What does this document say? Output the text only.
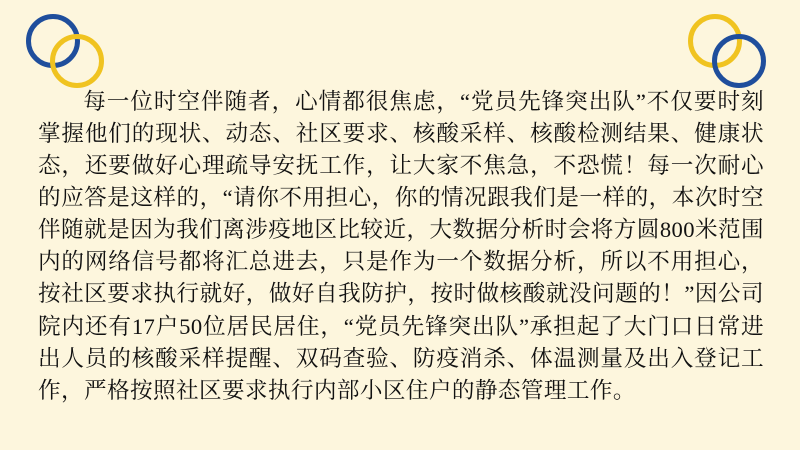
每一位时空伴随者，心情都很焦虑，“党员先锋突出队”不仅要时刻掌握他们的现状、动态、社区要求、核酸采样、核酸检测结果、健康状态，还要做好心理疏导安抚工作，让大家不焦急，不恐慌！每一次耐心的应答是这样的，“请你不用担心，你的情况跟我们是一样的，本次时空伴随就是因为我们离涉疫地区比较近，大数据分析时会将方圆800米范围内的网络信号都将汇总进去，只是作为一个数据分析，所以不用担心，按社区要求执行就好，做好自我防护，按时做核酸就没问题的！”因公司院内还有17户50位居民居住，“党员先锋突出队”承担起了大门口日常进出人员的核酸采样提醒、双码查验、防疫消杀、体温测量及出入登记工作，严格按照社区要求执行内部小区住户的静态管理工作。
